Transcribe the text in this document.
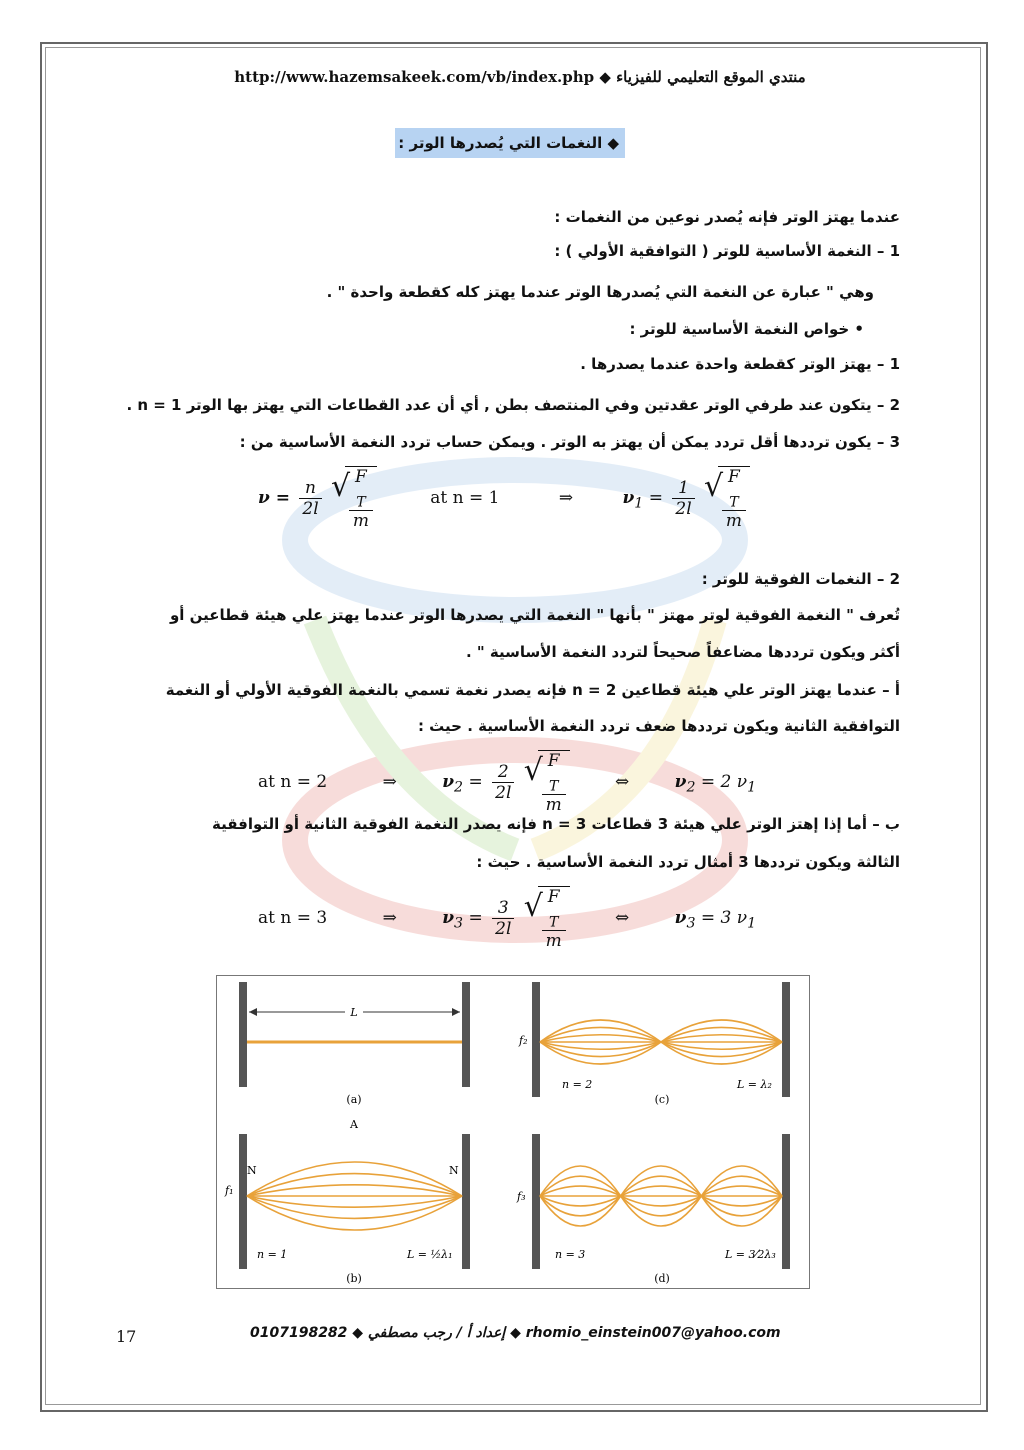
http://www.hazemsakeek.com/vb/index.php منتدي الموقع التعليمي للفيزياء ◆
◆ النغمات التي يُصدرها الوتر :
عندما يهتز الوتر فإنه يُصدر نوعين من النغمات :
1 – النغمة الأساسية للوتر ( التوافقية الأولي ) :
وهي " عبارة عن النغمة التي يُصدرها الوتر عندما يهتز كله كقطعة واحدة " .
• خواص النغمة الأساسية للوتر :
1 – يهتز الوتر كقطعة واحدة عندما يصدرها .
2 – يتكون عند طرفي الوتر عقدتين وفي المنتصف بطن , أي أن عدد القطاعات التي يهتز بها الوتر n = 1 .
3 – يكون ترددها أقل تردد يمكن أن يهتز به الوتر . ويمكن حساب تردد النغمة الأساسية من :
$\nu = \frac{n}{2l}$
√ F
$_T$
m	at n = 1	⇒	$\nu_1 = \frac{1}{2l}$
√ F
$_T$
m
2 – النغمات الفوقية للوتر :
تُعرف " النغمة الفوقية لوتر مهتز " بأنها " النغمة التي يصدرها الوتر عندما يهتز علي هيئة قطاعين أو
أكثر ويكون ترددها مضاعفاً صحيحاً لتردد النغمة الأساسية " .
أ – عندما يهتز الوتر علي هيئة قطاعين n = 2 فإنه يصدر نغمة تسمي بالنغمة الفوقية الأولي أو النغمة
التوافقية الثانية ويكون ترددها ضعف تردد النغمة الأساسية . حيث :
at n = 2	⇒	$\nu_2 = \frac{2}{2l}$
√ F
$_T$
m	⇔	$\nu_2 = 2$ $\nu_1$
ب – أما إذا إهتز الوتر علي هيئة 3 قطاعات n = 3 فإنه يصدر النغمة الفوقية الثانية أو التوافقية
الثالثة ويكون ترددها 3 أمثال تردد النغمة الأساسية . حيث :
at n = 3	⇒	$\nu_3 = \frac{3}{2l}$
√ F
$_T$
m	⇔	$\nu_3 = 3$ $\nu_1$
L
(a)
f₂
n = 2	L = λ₂
(c)
A
N	N
f₁
n = 1	L = ½λ₁
(b)
f₃
n = 3	L = 3⁄2λ₃
(d)
17	إعداد أ / رجب مصطفي ◆ 0107198282 ◆ rhomio_einstein007@yahoo.com
